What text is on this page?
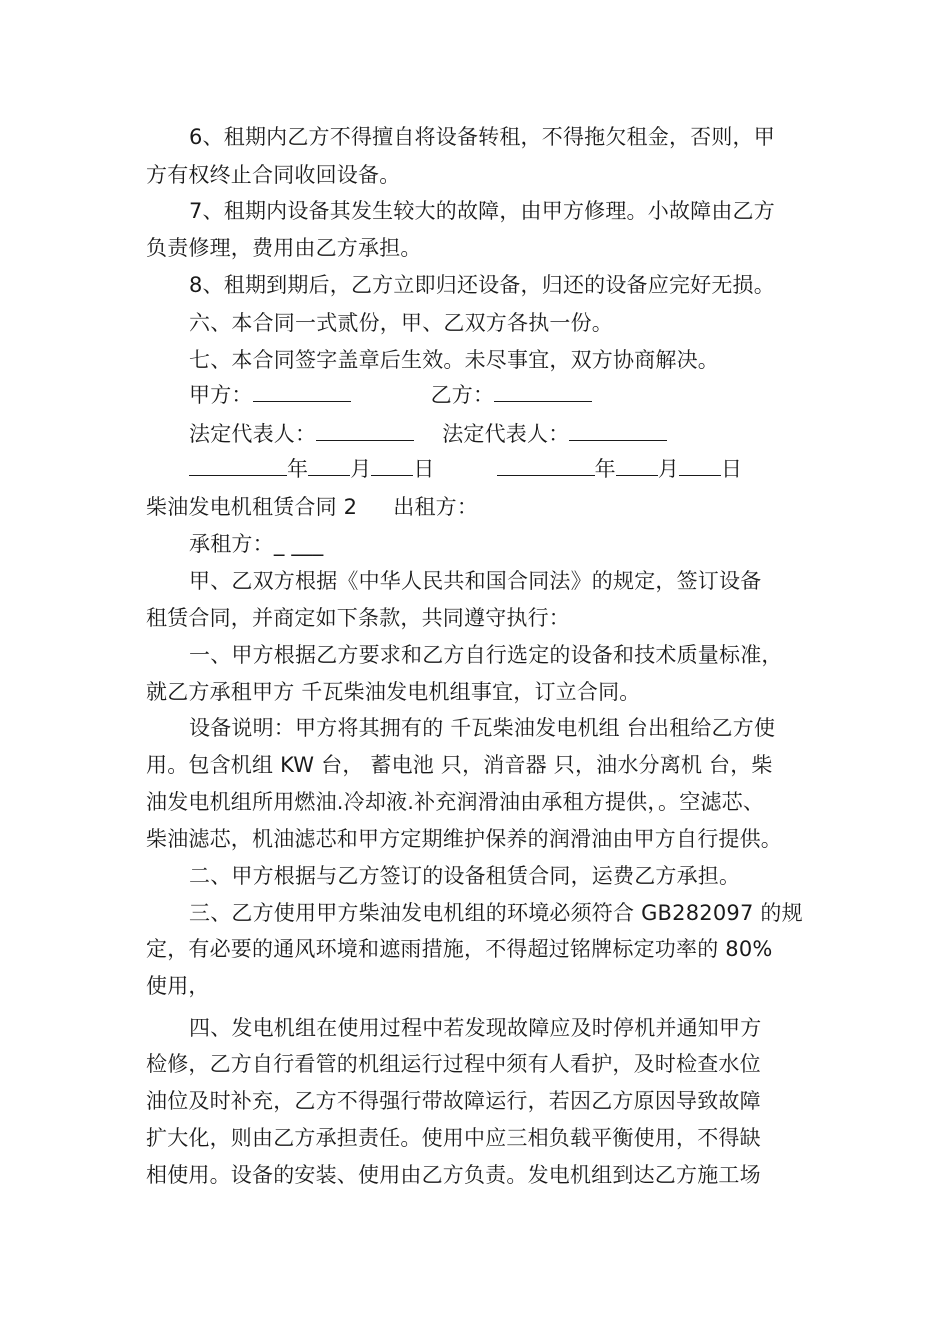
6、租期内乙方不得擅自将设备转租，不得拖欠租金，否则，甲
方有权终止合同收回设备。
7、租期内设备其发生较大的故障，由甲方修理。小故障由乙方
负责修理，费用由乙方承担。
8、租期到期后，乙方立即归还设备，归还的设备应完好无损。
六、本合同一式贰份，甲、乙双方各执一份。
七、本合同签字盖章后生效。未尽事宜，双方协商解决。
甲方：	乙方：
法定代表人：	法定代表人：
年 月 日	年 月 日
柴油发电机租赁合同 2 出租方：
承租方：_ ___
甲、乙双方根据《中华人民共和国合同法》的规定，签订设备
租赁合同，并商定如下条款，共同遵守执行：
一、甲方根据乙方要求和乙方自行选定的设备和技术质量标准，
就乙方承租甲方 千瓦柴油发电机组事宜，订立合同。
设备说明：甲方将其拥有的 千瓦柴油发电机组 台出租给乙方使
用。包含机组 KW 台， 蓄电池 只，消音器 只，油水分离机 台，柴
油发电机组所用燃油.冷却液.补充润滑油由承租方提供，。空滤芯、
柴油滤芯，机油滤芯和甲方定期维护保养的润滑油由甲方自行提供。
二、甲方根据与乙方签订的设备租赁合同，运费乙方承担。
三、乙方使用甲方柴油发电机组的环境必须符合 GB282097 的规
定，有必要的通风环境和遮雨措施，不得超过铭牌标定功率的 80%
使用，
四、发电机组在使用过程中若发现故障应及时停机并通知甲方
检修，乙方自行看管的机组运行过程中须有人看护，及时检查水位
油位及时补充，乙方不得强行带故障运行，若因乙方原因导致故障
扩大化，则由乙方承担责任。使用中应三相负载平衡使用，不得缺
相使用。设备的安装、使用由乙方负责。发电机组到达乙方施工场
